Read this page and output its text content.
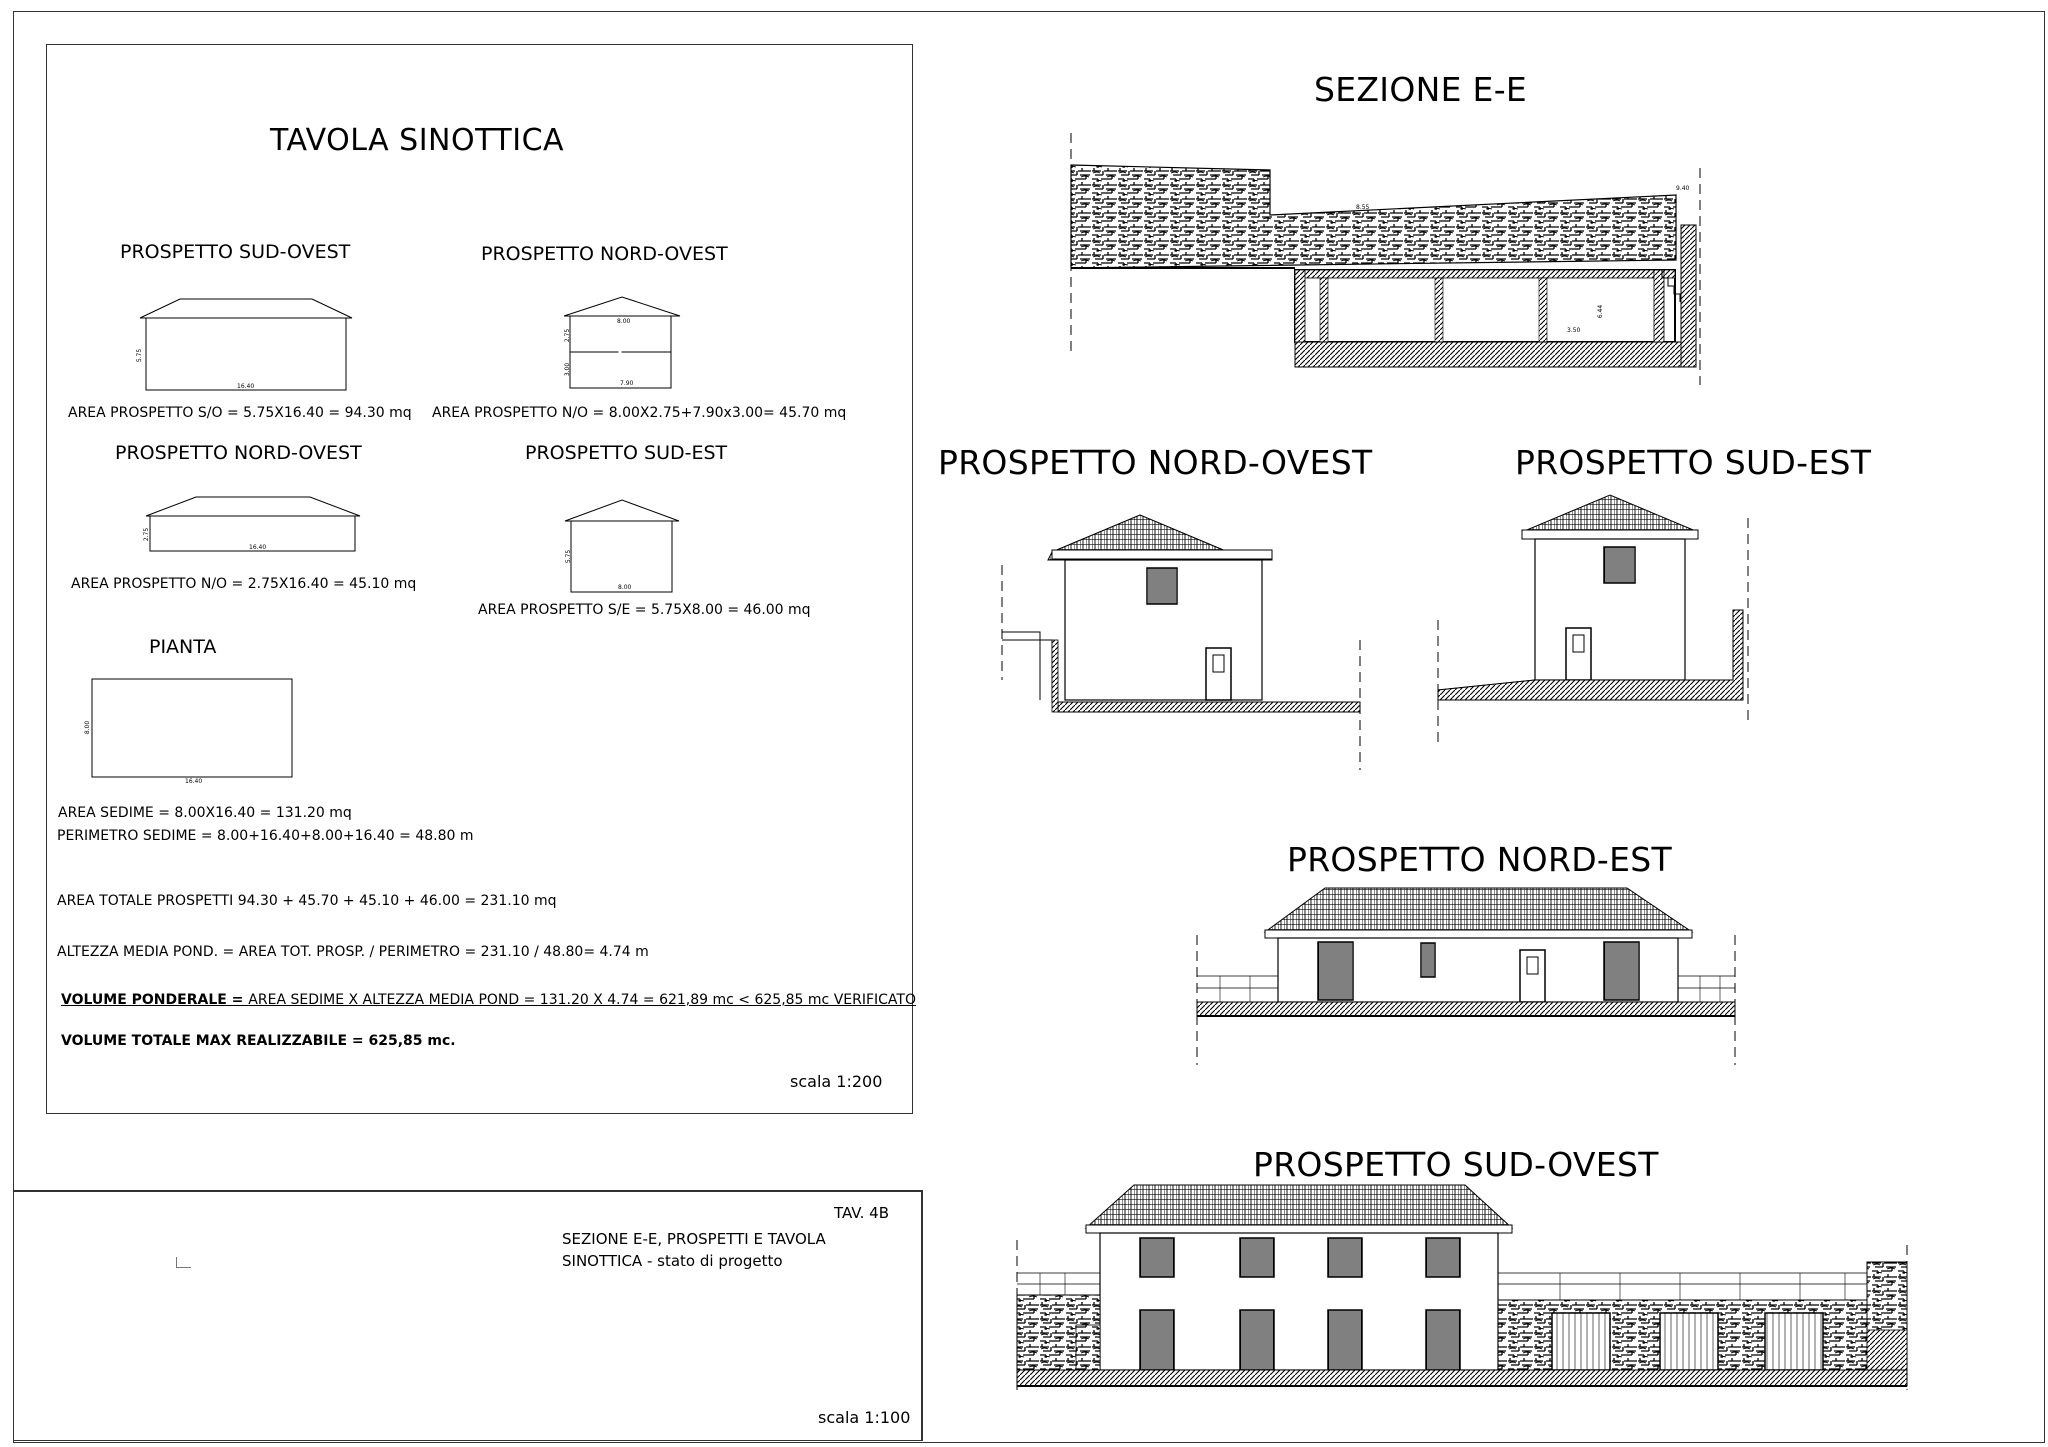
TAVOLA SINOTTICA
PROSPETTO SUD-OVEST
5.75
16.40
AREA PROSPETTO S/O = 5.75X16.40 = 94.30 mq
PROSPETTO NORD-OVEST
8.00
2.75
3.00
7.90
AREA PROSPETTO N/O = 8.00X2.75+7.90x3.00= 45.70 mq
PROSPETTO NORD-OVEST
2.75
16.40
AREA PROSPETTO N/O = 2.75X16.40 = 45.10 mq
PROSPETTO SUD-EST
5.75
8.00
AREA PROSPETTO S/E = 5.75X8.00 = 46.00 mq
PIANTA
8.00
16.40
AREA SEDIME = 8.00X16.40 = 131.20 mq
PERIMETRO SEDIME = 8.00+16.40+8.00+16.40 = 48.80 m
AREA TOTALE PROSPETTI 94.30 + 45.70 + 45.10 + 46.00 = 231.10 mq
ALTEZZA MEDIA POND. = AREA TOT. PROSP. / PERIMETRO = 231.10 / 48.80= 4.74 m
VOLUME PONDERALE = AREA SEDIME X ALTEZZA MEDIA POND = 131.20 X 4.74 = 621,89 mc < 625,85 mc VERIFICATO
VOLUME TOTALE MAX REALIZZABILE = 625,85 mc.
scala 1:200
TAV. 4B
SEZIONE E-E, PROSPETTI E TAVOLA
SINOTTICA - stato di progetto
scala 1:100
SEZIONE E-E
8.55
6.44
3.50
9.40
PROSPETTO NORD-OVEST	PROSPETTO SUD-EST
PROSPETTO NORD-EST
PROSPETTO SUD-OVEST
